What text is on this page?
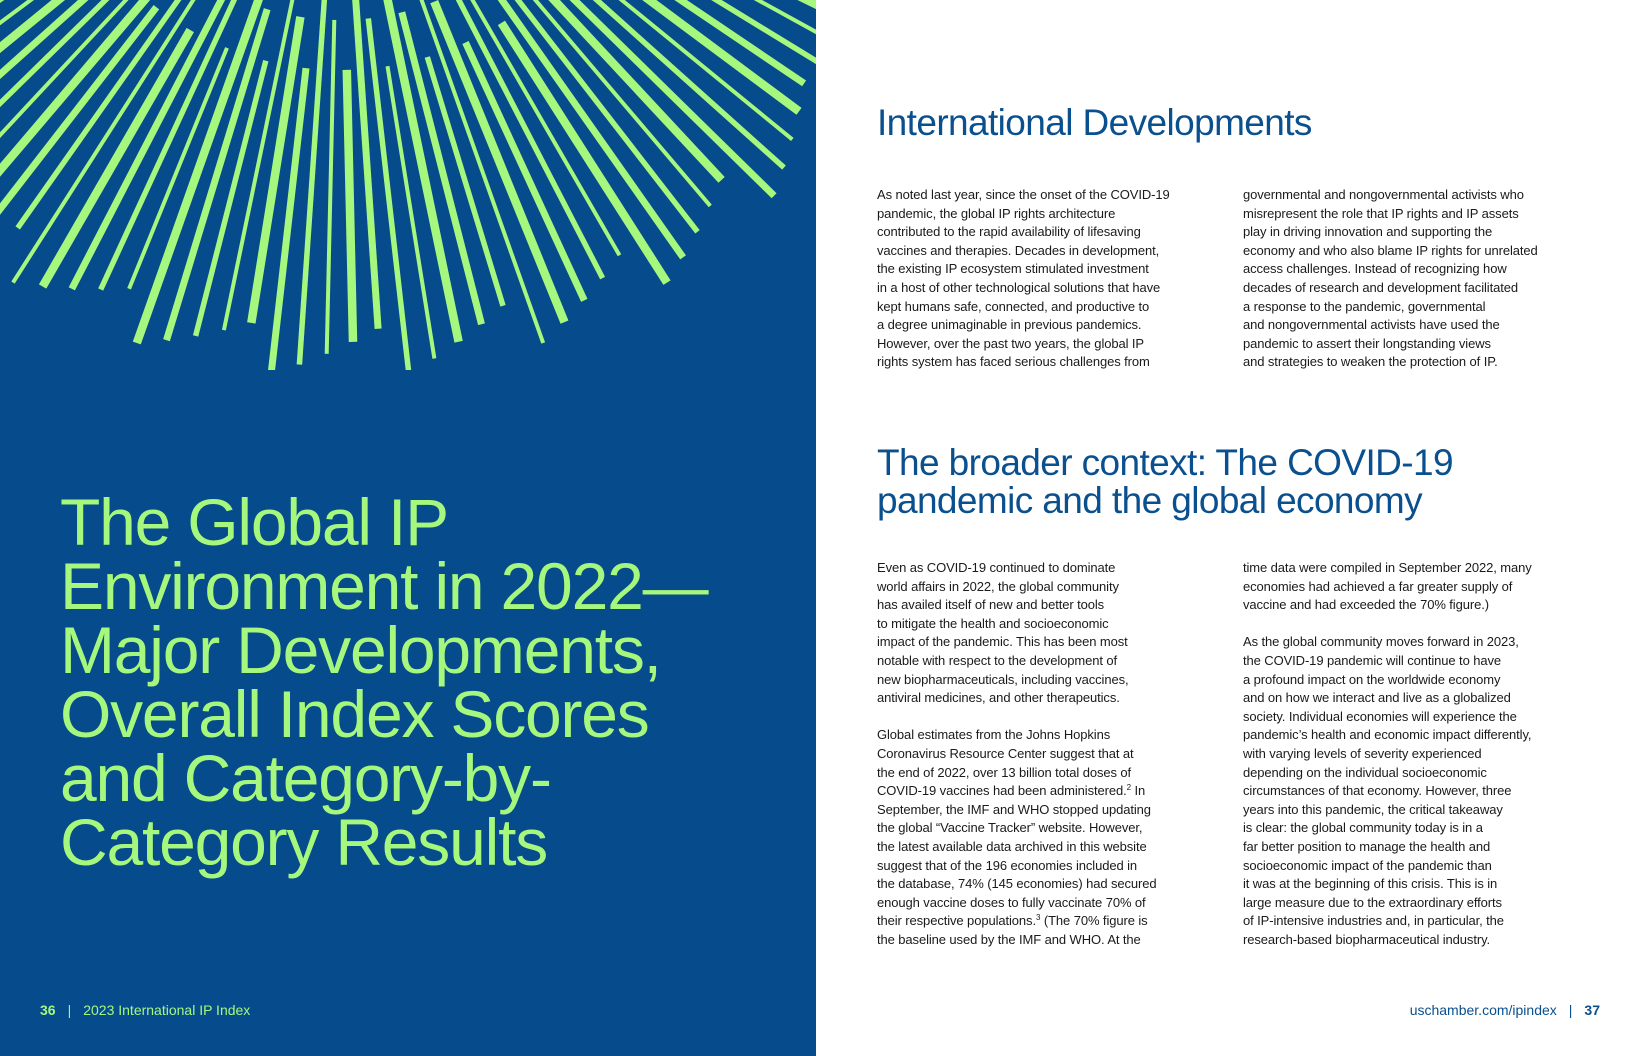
The Global IP
Environment in 2022—
Major Developments,
Overall Index Scores
and Category-by-
Category Results
36 | 2023 International IP Index
International Developments
As noted last year, since the onset of the COVID-19
pandemic, the global IP rights architecture
contributed to the rapid availability of lifesaving
vaccines and therapies. Decades in development,
the existing IP ecosystem stimulated investment
in a host of other technological solutions that have
kept humans safe, connected, and productive to
a degree unimaginable in previous pandemics.
However, over the past two years, the global IP
rights system has faced serious challenges from
governmental and nongovernmental activists who
misrepresent the role that IP rights and IP assets
play in driving innovation and supporting the
economy and who also blame IP rights for unrelated
access challenges. Instead of recognizing how
decades of research and development facilitated
a response to the pandemic, governmental
and nongovernmental activists have used the
pandemic to assert their longstanding views
and strategies to weaken the protection of IP.
The broader context: The COVID-19
pandemic and the global economy

Even as COVID-19 continued to dominate
world affairs in 2022, the global community
has availed itself of new and better tools
to mitigate the health and socioeconomic
impact of the pandemic. This has been most
notable with respect to the development of
new biopharmaceuticals, including vaccines,
antiviral medicines, and other therapeutics.

Global estimates from the Johns Hopkins
Coronavirus Resource Center suggest that at
the end of 2022, over 13 billion total doses of
COVID-19 vaccines had been administered.$^2$ In
September, the IMF and WHO stopped updating
the global “Vaccine Tracker” website. However,
the latest available data archived in this website
suggest that of the 196 economies included in
the database, 74% (145 economies) had secured
enough vaccine doses to fully vaccinate 70% of
their respective populations.$^3$ (The 70% figure is
the baseline used by the IMF and WHO. At the

time data were compiled in September 2022, many
economies had achieved a far greater supply of
vaccine and had exceeded the 70% figure.)

As the global community moves forward in 2023,
the COVID-19 pandemic will continue to have
a profound impact on the worldwide economy
and on how we interact and live as a globalized
society. Individual economies will experience the
pandemic’s health and economic impact differently,
with varying levels of severity experienced
depending on the individual socioeconomic
circumstances of that economy. However, three
years into this pandemic, the critical takeaway
is clear: the global community today is in a
far better position to manage the health and
socioeconomic impact of the pandemic than
it was at the beginning of this crisis. This is in
large measure due to the extraordinary efforts
of IP-intensive industries and, in particular, the
research-based biopharmaceutical industry.

uschamber.com/ipindex | 37
